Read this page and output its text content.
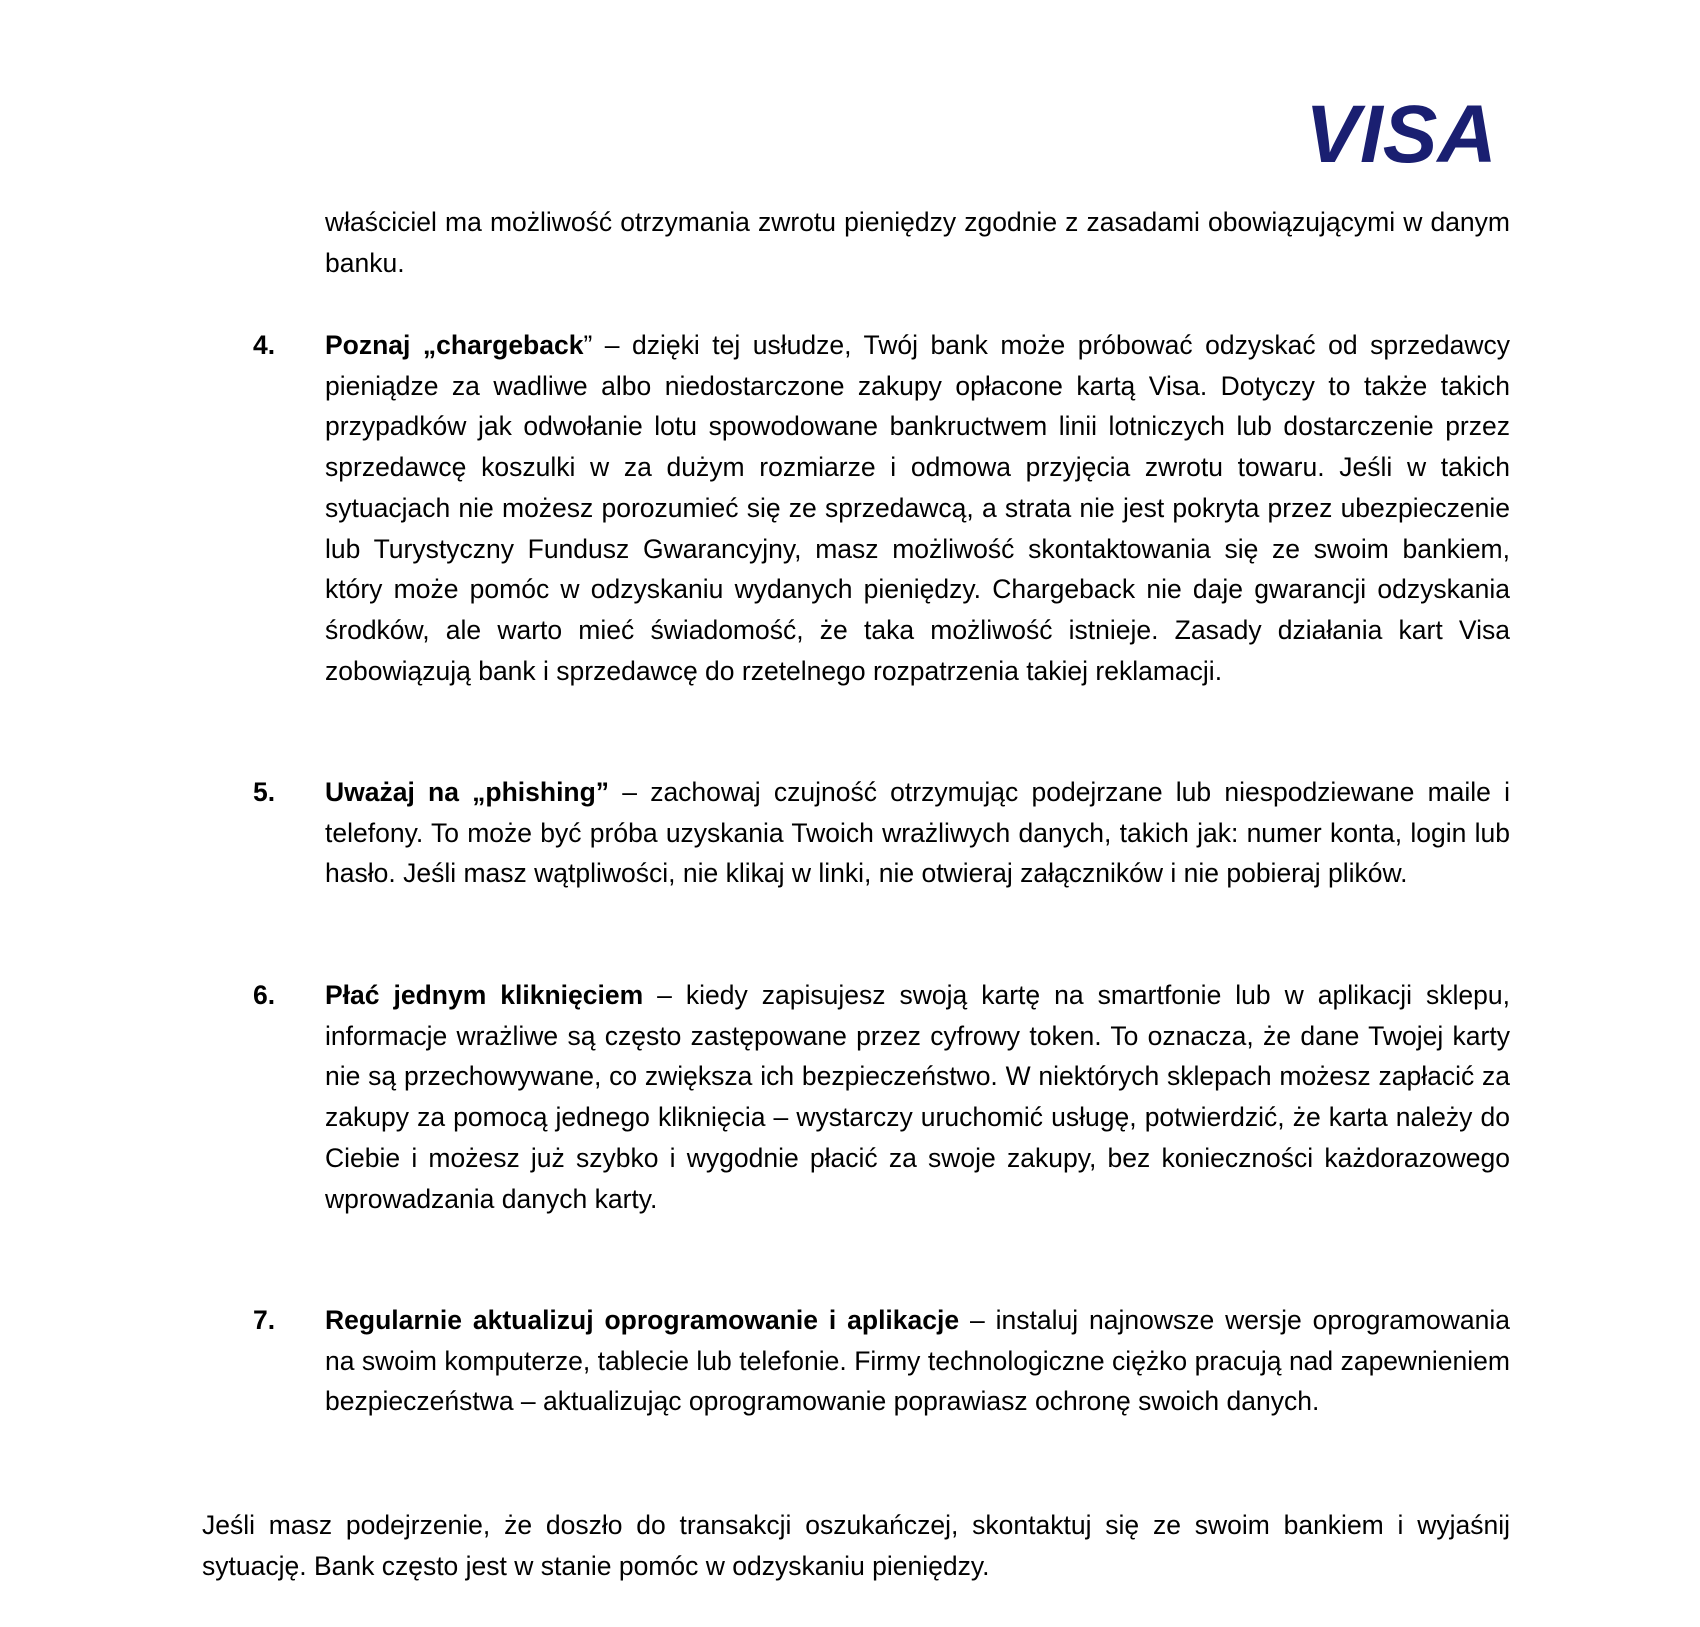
VISA

właściciel ma możliwość otrzymania zwrotu pieniędzy zgodnie z zasadami obowiązującymi w danym banku.

4. Poznaj „chargeback” – dzięki tej usłudze, Twój bank może próbować odzyskać od sprzedawcy pieniądze za wadliwe albo niedostarczone zakupy opłacone kartą Visa. Dotyczy to także takich przypadków jak odwołanie lotu spowodowane bankructwem linii lotniczych lub dostarczenie przez sprzedawcę koszulki w za dużym rozmiarze i odmowa przyjęcia zwrotu towaru. Jeśli w takich sytuacjach nie możesz porozumieć się ze sprzedawcą, a strata nie jest pokryta przez ubezpieczenie lub Turystyczny Fundusz Gwarancyjny, masz możliwość skontaktowania się ze swoim bankiem, który może pomóc w odzyskaniu wydanych pieniędzy. Chargeback nie daje gwarancji odzyskania środków, ale warto mieć świadomość, że taka możliwość istnieje. Zasady działania kart Visa zobowiązują bank i sprzedawcę do rzetelnego rozpatrzenia takiej reklamacji.

5. Uważaj na „phishing” – zachowaj czujność otrzymując podejrzane lub niespodziewane maile i telefony. To może być próba uzyskania Twoich wrażliwych danych, takich jak: numer konta, login lub hasło. Jeśli masz wątpliwości, nie klikaj w linki, nie otwieraj załączników i nie pobieraj plików.

6. Płać jednym kliknięciem – kiedy zapisujesz swoją kartę na smartfonie lub w aplikacji sklepu, informacje wrażliwe są często zastępowane przez cyfrowy token. To oznacza, że dane Twojej karty nie są przechowywane, co zwiększa ich bezpieczeństwo. W niektórych sklepach możesz zapłacić za zakupy za pomocą jednego kliknięcia – wystarczy uruchomić usługę, potwierdzić, że karta należy do Ciebie i możesz już szybko i wygodnie płacić za swoje zakupy, bez konieczności każdorazowego wprowadzania danych karty.

7. Regularnie aktualizuj oprogramowanie i aplikacje – instaluj najnowsze wersje oprogramowania na swoim komputerze, tablecie lub telefonie. Firmy technologiczne ciężko pracują nad zapewnieniem bezpieczeństwa – aktualizując oprogramowanie poprawiasz ochronę swoich danych.

Jeśli masz podejrzenie, że doszło do transakcji oszukańczej, skontaktuj się ze swoim bankiem i wyjaśnij sytuację. Bank często jest w stanie pomóc w odzyskaniu pieniędzy.
